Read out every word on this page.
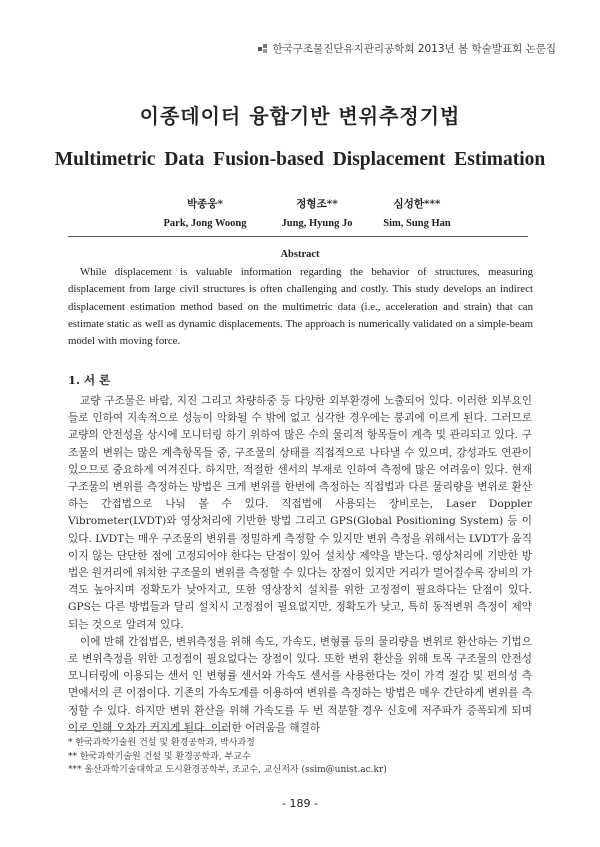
한국구조물진단유지관리공학회 2013년 봄 학술발표회 논문집
이종데이터 융합기반 변위추정기법
Multimetric Data Fusion-based Displacement Estimation
박종웅*
Park, Jong Woong
정형조**
Jung, Hyung Jo
심성한***
Sim, Sung Han
Abstract
While displacement is valuable information regarding the behavior of structures, measuring displacement from large civil structures is often challenging and costly. This study develops an indirect displacement estimation method based on the multimetric data (i.e., acceleration and strain) that can estimate static as well as dynamic displacements. The approach is numerically validated on a simple-beam model with moving force.
1. 서 론

교량 구조물은 바람, 지진 그리고 차량하중 등 다양한 외부환경에 노출되어 있다. 이러한 외부요인들로 인하여 지속적으로 성능이 악화될 수 밖에 없고 심각한 경우에는 붕괴에 이르게 된다. 그러므로 교량의 안전성을 상시에 모니터링 하기 위하여 많은 수의 물리적 항목들이 계측 및 관리되고 있다. 구조물의 변위는 많은 계측항목들 중, 구조물의 상태를 직접적으로 나타낼 수 있으며, 강성과도 연관이 있으므로 중요하게 여겨진다. 하지만, 적절한 센서의 부재로 인하여 측정에 많은 어려움이 있다. 현재 구조물의 변위를 측정하는 방법은 크게 변위를 한번에 측정하는 직접법과 다른 물리량을 변위로 환산하는 간접법으로 나눠 볼 수 있다. 직접법에 사용되는 장비로는, Laser Doppler Vibrometer(LVDT)와 영상처리에 기반한 방법 그리고 GPS(Global Positioning System) 등 이 있다. LVDT는 매우 구조물의 변위를 정밀하게 측정할 수 있지만 변위 측정을 위해서는 LVDT가 움직이지 않는 단단한 점에 고정되어야 한다는 단점이 있어 설치상 제약을 받는다. 영상처리에 기반한 방법은 원거리에 위치한 구조물의 변위를 측정할 수 있다는 장점이 있지만 거리가 멀어질수록 장비의 가격도 높아지며 정확도가 낮아지고, 또한 영상장치 설치를 위한 고정점이 필요하다는 단점이 있다. GPS는 다른 방법들과 달리 설치시 고정점이 필요없지만, 정확도가 낮고, 특히 동적변위 측정이 제약되는 것으로 알려져 있다.

이에 반해 간접법은, 변위측정을 위해 속도, 가속도, 변형률 등의 물리량을 변위로 환산하는 기법으로 변위측정을 위한 고정점이 필요없다는 장점이 있다. 또한 변위 환산을 위해 토목 구조물의 안전성 모니터링에 이용되는 센서 인 변형률 센서와 가속도 센서를 사용한다는 것이 가격 절감 및 편의성 측면에서의 큰 이점이다. 기존의 가속도계를 이용하여 변위를 측정하는 방법은 매우 간단하게 변위를 측정할 수 있다. 하지만 변위 환산을 위해 가속도를 두 번 적분할 경우 신호에 저주파가 증폭되게 되며 이로 인해 오차가 커지게 된다. 이러한 어려움을 해결하

* 한국과학기술원 건설 및 환경공학과, 박사과정
** 한국과학기술원 건설 및 환경공학과, 부교수
*** 울산과학기술대학교 도시환경공학부, 조교수, 교신저자 (ssim@unist.ac.kr)
- 189 -
